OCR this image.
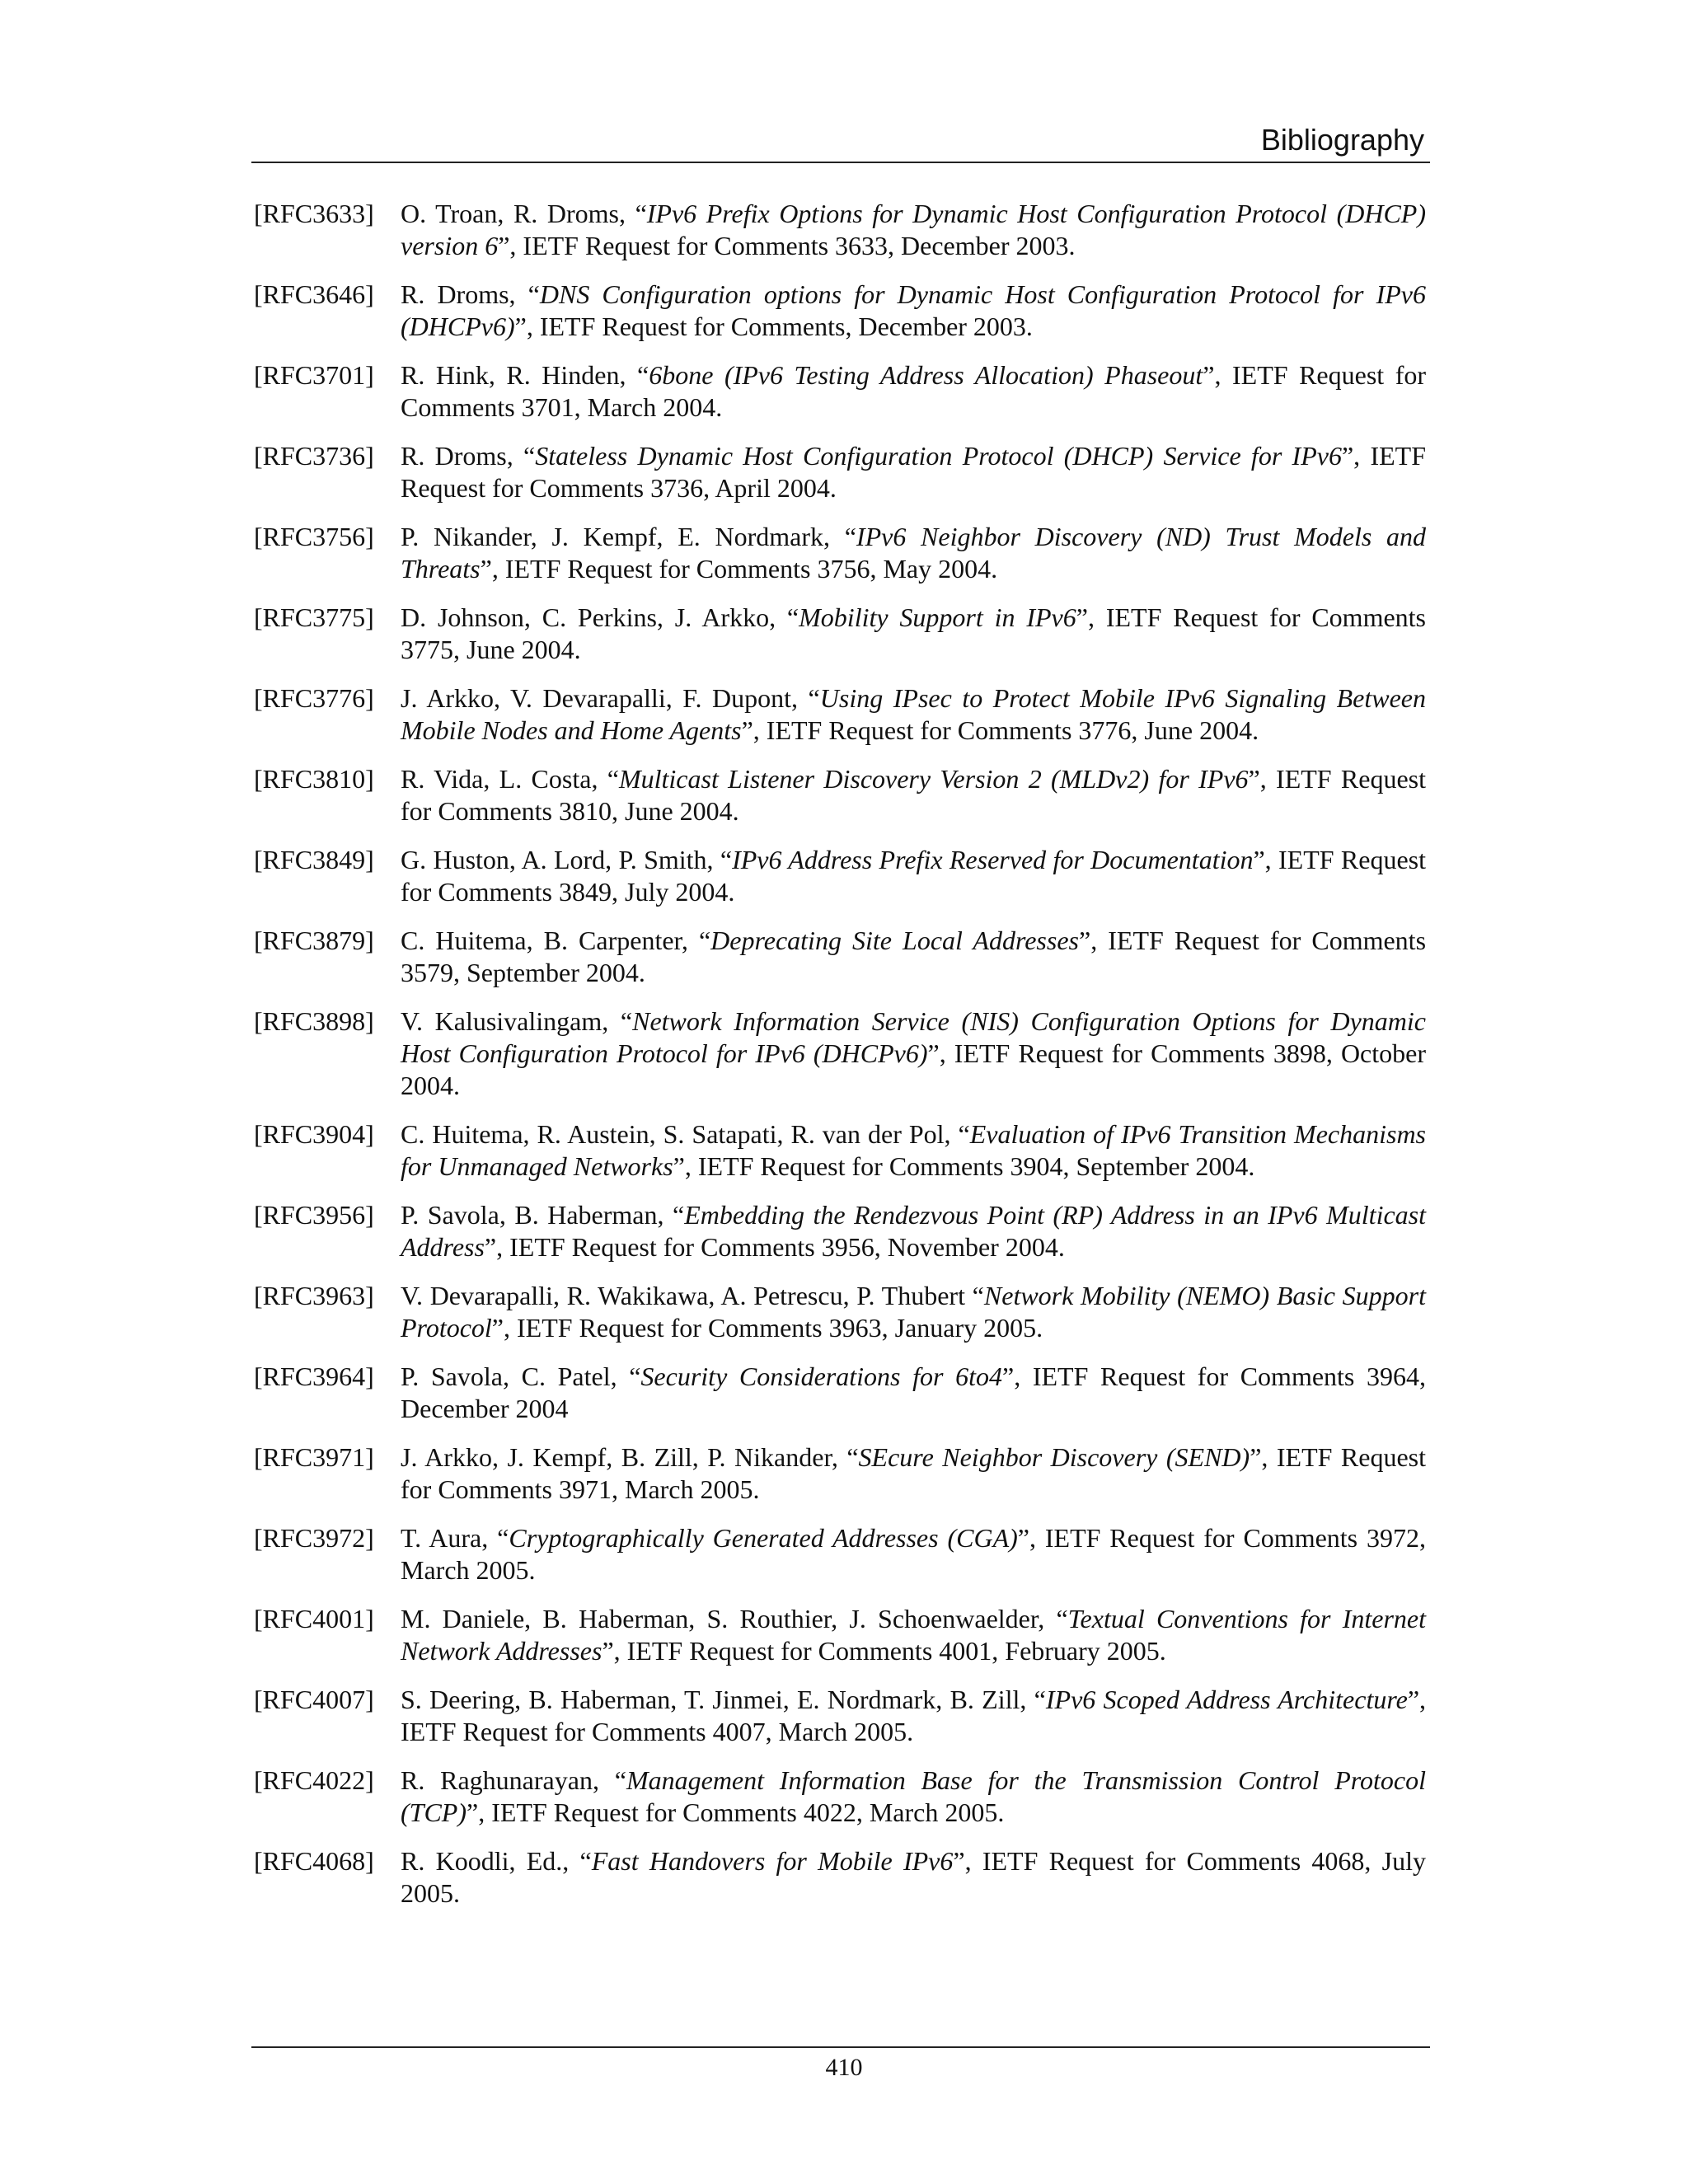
Bibliography
[RFC3633]	O. Troan, R. Droms, “IPv6 Prefix Options for Dynamic Host Configuration Protocol (DHCP) version 6”, IETF Request for Comments 3633, December 2003.
[RFC3646]	R. Droms, “DNS Configuration options for Dynamic Host Configuration Protocol for IPv6 (DHCPv6)”, IETF Request for Comments, December 2003.
[RFC3701]	R. Hink, R. Hinden, “6bone (IPv6 Testing Address Allocation) Phaseout”, IETF Request for Comments 3701, March 2004.
[RFC3736]	R. Droms, “Stateless Dynamic Host Configuration Protocol (DHCP) Service for IPv6”, IETF Request for Comments 3736, April 2004.
[RFC3756]	P. Nikander, J. Kempf, E. Nordmark, “IPv6 Neighbor Discovery (ND) Trust Models and Threats”, IETF Request for Comments 3756, May 2004.
[RFC3775]	D. Johnson, C. Perkins, J. Arkko, “Mobility Support in IPv6”, IETF Request for Comments 3775, June 2004.
[RFC3776]	J. Arkko, V. Devarapalli, F. Dupont, “Using IPsec to Protect Mobile IPv6 Signaling Between Mobile Nodes and Home Agents”, IETF Request for Comments 3776, June 2004.
[RFC3810]	R. Vida, L. Costa, “Multicast Listener Discovery Version 2 (MLDv2) for IPv6”, IETF Request for Comments 3810, June 2004.
[RFC3849]	G. Huston, A. Lord, P. Smith, “IPv6 Address Prefix Reserved for Documentation”, IETF Request for Comments 3849, July 2004.
[RFC3879]	C. Huitema, B. Carpenter, “Deprecating Site Local Addresses”, IETF Request for Comments 3579, September 2004.
[RFC3898]	V. Kalusivalingam, “Network Information Service (NIS) Configuration Options for Dynamic Host Configuration Protocol for IPv6 (DHCPv6)”, IETF Request for Comments 3898, October 2004.
[RFC3904]	C. Huitema, R. Austein, S. Satapati, R. van der Pol, “Evaluation of IPv6 Transition Mechanisms for Unmanaged Networks”, IETF Request for Comments 3904, September 2004.
[RFC3956]	P. Savola, B. Haberman, “Embedding the Rendezvous Point (RP) Address in an IPv6 Multicast Address”, IETF Request for Comments 3956, November 2004.
[RFC3963]	V. Devarapalli, R. Wakikawa, A. Petrescu, P. Thubert “Network Mobility (NEMO) Basic Support Protocol”, IETF Request for Comments 3963, January 2005.
[RFC3964]	P. Savola, C. Patel, “Security Considerations for 6to4”, IETF Request for Comments 3964, December 2004
[RFC3971]	J. Arkko, J. Kempf, B. Zill, P. Nikander, “SEcure Neighbor Discovery (SEND)”, IETF Request for Comments 3971, March 2005.
[RFC3972]	T. Aura, “Cryptographically Generated Addresses (CGA)”, IETF Request for Comments 3972, March 2005.
[RFC4001]	M. Daniele, B. Haberman, S. Routhier, J. Schoenwaelder, “Textual Conventions for Internet Network Addresses”, IETF Request for Comments 4001, February 2005.
[RFC4007]	S. Deering, B. Haberman, T. Jinmei, E. Nordmark, B. Zill, “IPv6 Scoped Address Architecture”, IETF Request for Comments 4007, March 2005.
[RFC4022]	R. Raghunarayan, “Management Information Base for the Transmission Control Protocol (TCP)”, IETF Request for Comments 4022, March 2005.
[RFC4068]	R. Koodli, Ed., “Fast Handovers for Mobile IPv6”, IETF Request for Comments 4068, July 2005.
410
